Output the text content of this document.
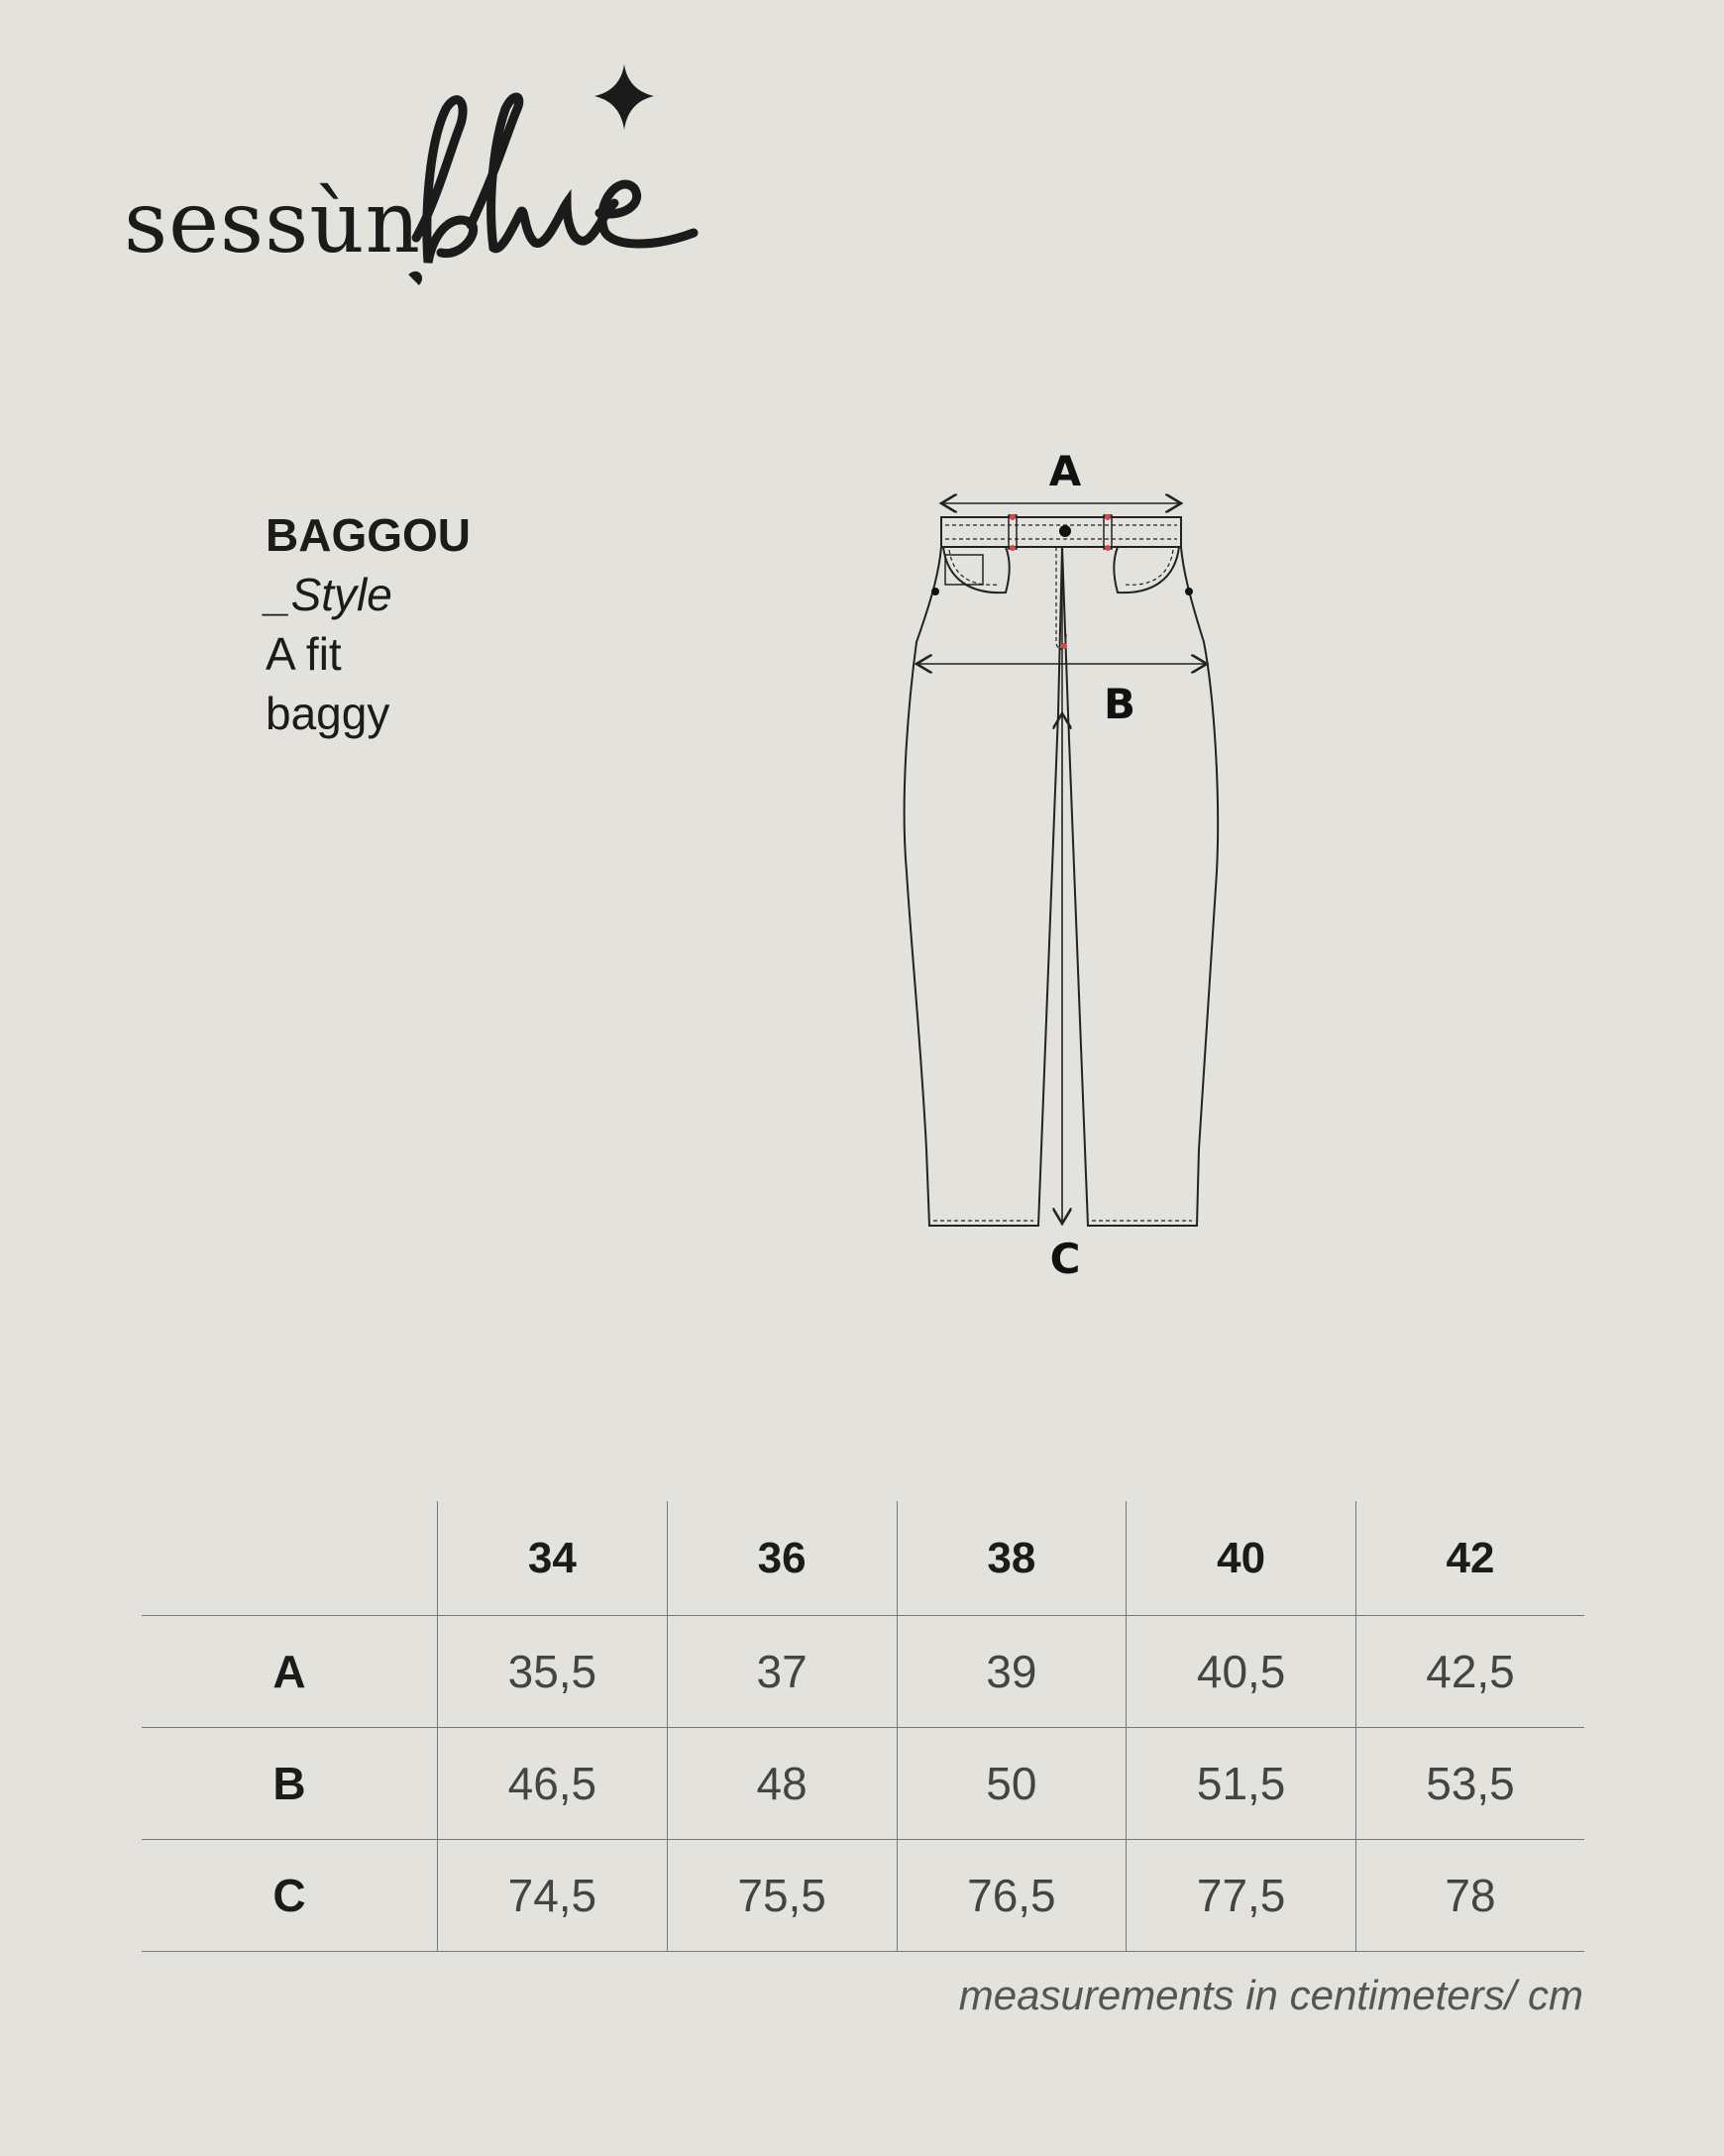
sessùn
BAGGOU
_Style
A fit
baggy
A
B
C
	34	36	38	40	42
A	35,5	37	39	40,5	42,5
B	46,5	48	50	51,5	53,5
C	74,5	75,5	76,5	77,5	78
measurements in centimeters/ cm
